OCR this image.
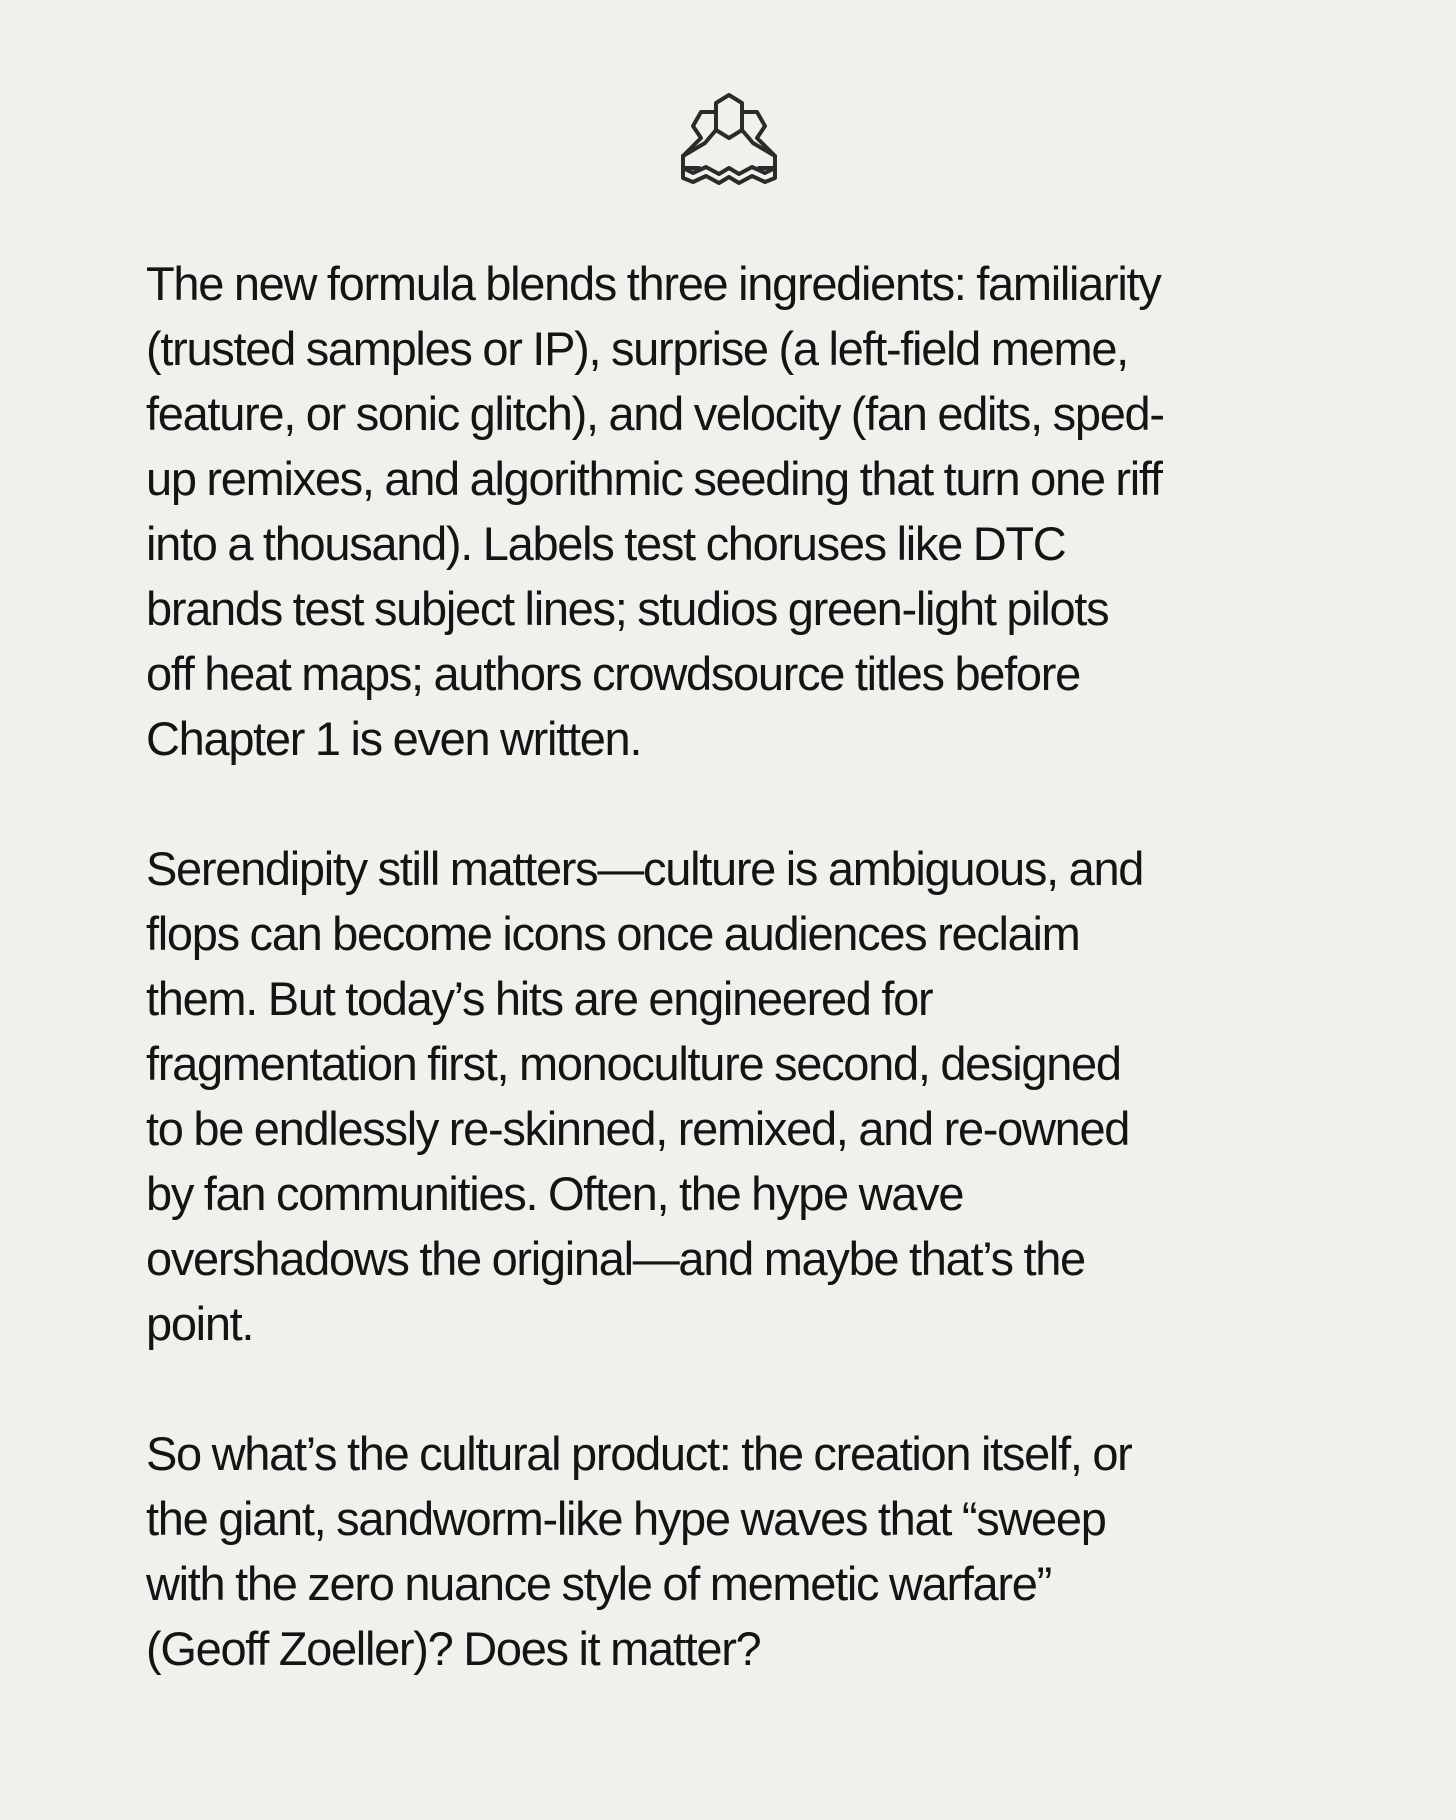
The new formula blends three ingredients: familiarity
(trusted samples or IP), surprise (a left-field meme,
feature, or sonic glitch), and velocity (fan edits, sped-
up remixes, and algorithmic seeding that turn one riff
into a thousand). Labels test choruses like DTC
brands test subject lines; studios green-light pilots
off heat maps; authors crowdsource titles before
Chapter 1 is even written.

Serendipity still matters—culture is ambiguous, and
flops can become icons once audiences reclaim
them. But today’s hits are engineered for
fragmentation first, monoculture second, designed
to be endlessly re-skinned, remixed, and re-owned
by fan communities. Often, the hype wave
overshadows the original—and maybe that’s the
point.

So what’s the cultural product: the creation itself, or
the giant, sandworm-like hype waves that “sweep
with the zero nuance style of memetic warfare”
(Geoff Zoeller)? Does it matter?
